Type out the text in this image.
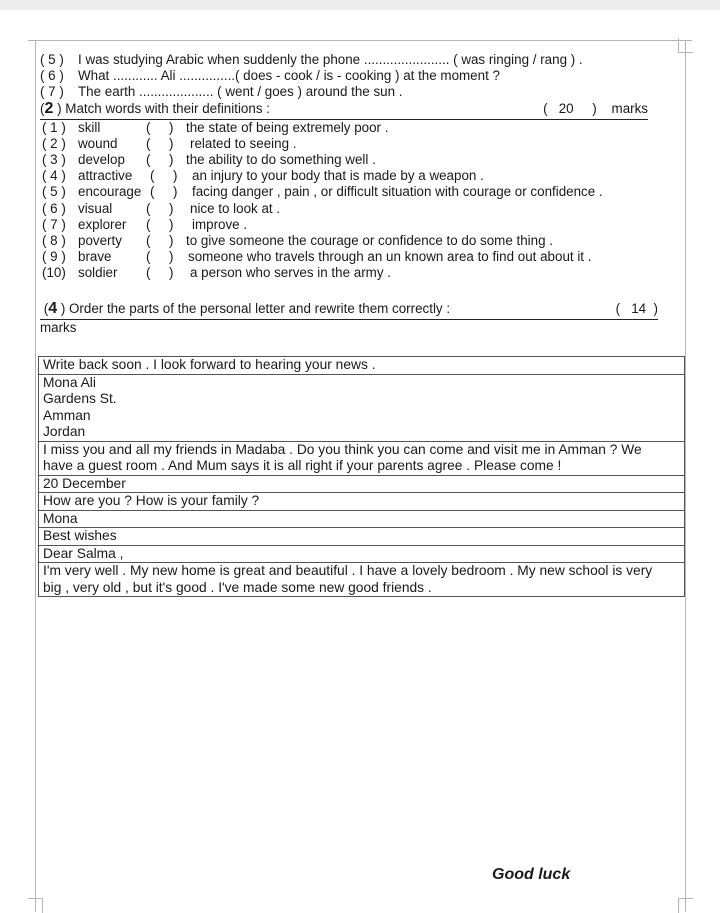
( 5 ) I was studying Arabic when suddenly the phone ....................... ( was ringing / rang ) .
( 6 ) What ............ Ali ...............( does - cook / is - cooking ) at the moment ?
( 7 ) The earth .................... ( went / goes ) around the sun .
(2 ) Match words with their definitions :	(   20     )    marks
( 1 ) skill	(     ) the state of being extremely poor .
( 2 ) wound (     ) related to seeing .
( 3 ) develop (     ) the ability to do something well .
( 4 ) attractive (     ) an injury to your body that is made by a weapon .
( 5 ) encourage (     ) facing danger , pain , or difficult situation with courage or confidence .
( 6 ) visual	(     ) nice to look at .
( 7 ) explorer (     ) improve .
( 8 ) poverty (     ) to give someone the courage or confidence to do some thing .
( 9 ) brave	(     ) someone who travels through an un known area to find out about it .
(10) soldier (     ) a person who serves in the army .
(4 ) Order the parts of the personal letter and rewrite them correctly :	(   14  )
marks
Write back soon . I look forward to hearing your news .

Mona Ali
Gardens St.
Amman
Jordan

I miss you and all my friends in Madaba . Do you think you can come and visit me in Amman ? We
have a guest room . And Mum says it is all right if your parents agree . Please come !

20 December

How are you ? How is your family ?

Mona

Best wishes

Dear Salma ,

I'm very well . My new home is great and beautiful . I have a lovely bedroom . My new school is very
big , very old , but it's good . I've made some new good friends .
Good luck
